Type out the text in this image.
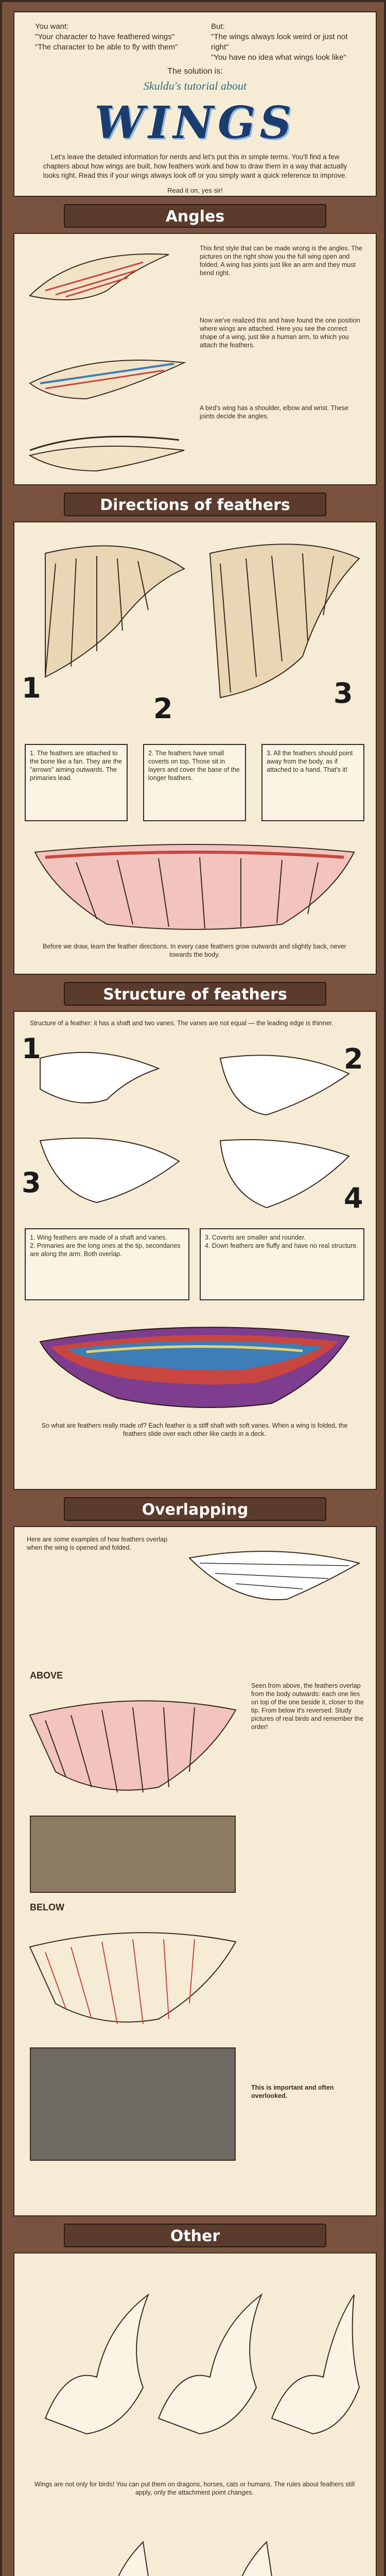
You want:
"Your character to have feathered wings"
"The character to be able to fly with them"
But:
"The wings always look weird or just not right"
"You have no idea what wings look like"
The solution is:
Skuldu's tutorial about
WINGS
Let's leave the detailed information for nerds and let's put this in simple terms. You'll find a few chapters about how wings are built, how feathers work and how to draw them in a way that actually looks right. Read this if your wings always look off or you simply want a quick reference to improve.
Read it on, yes sir!
Angles
This first style that can be made wrong is the angles. The pictures on the right show you the full wing open and folded. A wing has joints just like an arm and they must bend right.
Now we've realized this and have found the one position where wings are attached. Here you see the correct shape of a wing, just like a human arm, to which you attach the feathers.
A bird's wing has a shoulder, elbow and wrist. These joints decide the angles.
Directions of feathers
1
2	3
1. The feathers are attached to the bone like a fan. They are the "arrows" aiming outwards. The primaries lead.
2. The feathers have small coverts on top. Those sit in layers and cover the base of the longer feathers.
3. All the feathers should point away from the body, as if attached to a hand. That's it!
Before we draw, learn the feather directions. In every case feathers grow outwards and slightly back, never towards the body.
Structure of feathers
Structure of a feather: it has a shaft and two vanes. The vanes are not equal — the leading edge is thinner.
1	2
3	4
1. Wing feathers are made of a shaft and vanes.
2. Primaries are the long ones at the tip, secondaries are along the arm. Both overlap.
3. Coverts are smaller and rounder.
4. Down feathers are fluffy and have no real structure.
So what are feathers really made of? Each feather is a stiff shaft with soft vanes. When a wing is folded, the feathers slide over each other like cards in a deck.
Overlapping
Here are some examples of how feathers overlap when the wing is opened and folded.
ABOVE
BELOW
Seen from above, the feathers overlap from the body outwards: each one lies on top of the one beside it, closer to the tip. From below it's reversed. Study pictures of real birds and remember the order!
This is important and often overlooked.
Other
Wings are not only for birds! You can put them on dragons, horses, cats or humans. The rules about feathers still apply, only the attachment point changes.
